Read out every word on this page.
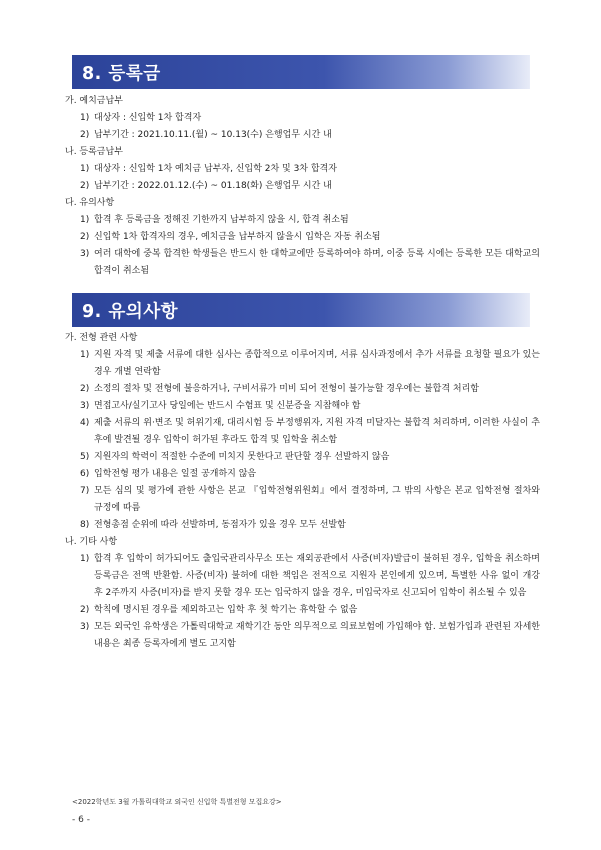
8. 등록금
가. 예치금납부
1) 대상자 : 신입학 1차 합격자
2) 납부기간 : 2021.10.11.(월) ~ 10.13(수) 은행업무 시간 내
나. 등록금납부
1) 대상자 : 신입학 1차 예치금 납부자, 신입학 2차 및 3차 합격자
2) 납부기간 : 2022.01.12.(수) ~ 01.18(화) 은행업무 시간 내
다. 유의사항
1) 합격 후 등록금을 정해진 기한까지 납부하지 않을 시, 합격 취소됨
2) 신입학 1차 합격자의 경우, 예치금을 납부하지 않을시 입학은 자동 취소됨
3) 여러 대학에 중복 합격한 학생들은 반드시 한 대학교에만 등록하여야 하며, 이중 등록 시에는 등록한 모든 대학교의 합격이 취소됨
9. 유의사항
가. 전형 관련 사항
1) 지원 자격 및 제출 서류에 대한 심사는 종합적으로 이루어지며, 서류 심사과정에서 추가 서류를 요청할 필요가 있는 경우 개별 연락함
2) 소정의 절차 및 전형에 불응하거나, 구비서류가 미비 되어 전형이 불가능할 경우에는 불합격 처리함
3) 면접고사/실기고사 당일에는 반드시 수험표 및 신분증을 지참해야 함
4) 제출 서류의 위·변조 및 허위기재, 대리시험 등 부정행위자, 지원 자격 미달자는 불합격 처리하며, 이러한 사실이 추후에 발견될 경우 입학이 허가된 후라도 합격 및 입학을 취소함
5) 지원자의 학력이 적절한 수준에 미치지 못한다고 판단할 경우 선발하지 않음
6) 입학전형 평가 내용은 일절 공개하지 않음
7) 모든 심의 및 평가에 관한 사항은 본교 『입학전형위원회』에서 결정하며, 그 밖의 사항은 본교 입학전형 절차와 규정에 따름
8) 전형총점 순위에 따라 선발하며, 동점자가 있을 경우 모두 선발함
나. 기타 사항
1) 합격 후 입학이 허가되어도 출입국관리사무소 또는 재외공관에서 사증(비자)발급이 불허된 경우, 입학을 취소하며 등록금은 전액 반환함. 사증(비자) 불허에 대한 책임은 전적으로 지원자 본인에게 있으며, 특별한 사유 없이 개강 후 2주까지 사증(비자)를 받지 못할 경우 또는 입국하지 않을 경우, 미입국자로 신고되어 입학이 취소될 수 있음
2) 학칙에 명시된 경우를 제외하고는 입학 후 첫 학기는 휴학할 수 없음
3) 모든 외국인 유학생은 가톨릭대학교 재학기간 동안 의무적으로 의료보험에 가입해야 함. 보험가입과 관련된 자세한 내용은 최종 등록자에게 별도 고지함
<2022학년도 3월 가톨릭대학교 외국인 신입학 특별전형 모집요강>
- 6 -
